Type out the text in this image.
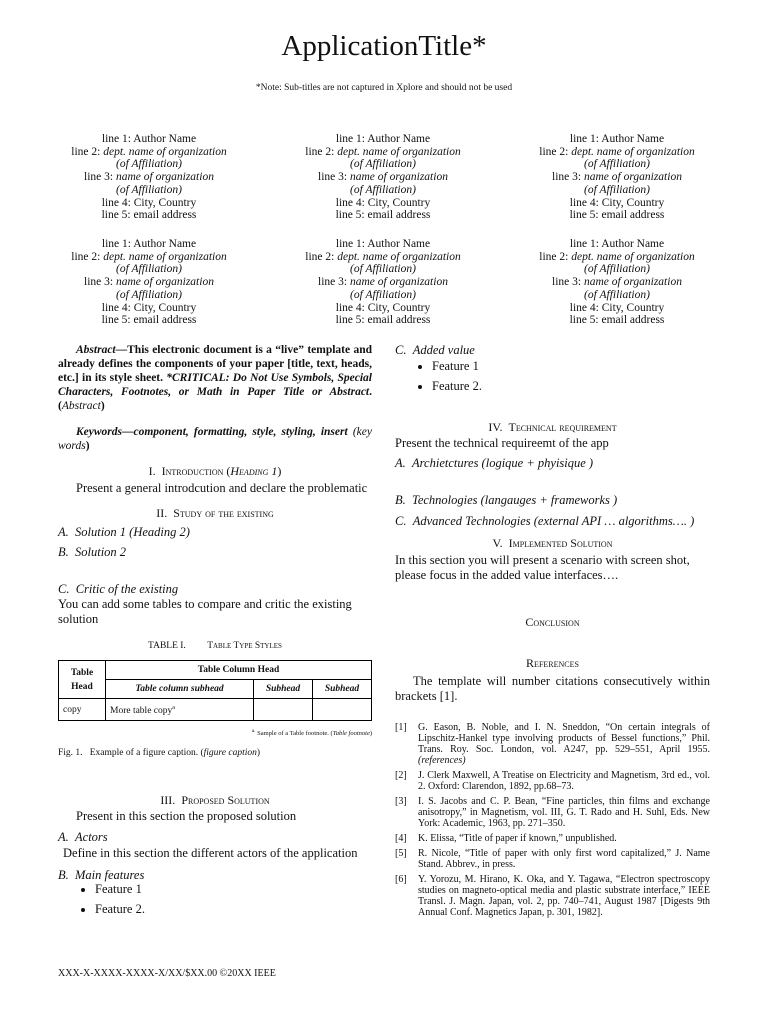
ApplicationTitle*
*Note: Sub-titles are not captured in Xplore and should not be used
line 1: Author Name
line 2: dept. name of organization
(of Affiliation)
line 3: name of organization
(of Affiliation)
line 4: City, Country
line 5: email address
line 1: Author Name
line 2: dept. name of organization
(of Affiliation)
line 3: name of organization
(of Affiliation)
line 4: City, Country
line 5: email address
line 1: Author Name
line 2: dept. name of organization
(of Affiliation)
line 3: name of organization
(of Affiliation)
line 4: City, Country
line 5: email address
line 1: Author Name
line 2: dept. name of organization
(of Affiliation)
line 3: name of organization
(of Affiliation)
line 4: City, Country
line 5: email address
line 1: Author Name
line 2: dept. name of organization
(of Affiliation)
line 3: name of organization
(of Affiliation)
line 4: City, Country
line 5: email address
line 1: Author Name
line 2: dept. name of organization
(of Affiliation)
line 3: name of organization
(of Affiliation)
line 4: City, Country
line 5: email address

Abstract—This electronic document is a “live” template and already defines the components of your paper [title, text, heads, etc.] in its style sheet. *CRITICAL: Do Not Use Symbols, Special Characters, Footnotes, or Math in Paper Title or Abstract. (Abstract)

Keywords—component, formatting, style, styling, insert (key words)

I. Introduction (Heading 1)

Present a general introdcution and declare the problematic

II. Study of the existing

A. Solution 1 (Heading 2)

B. Solution 2

C. Critic of the existing

You can add some tables to compare and critic the existing solution

TABLE I. Table Type Styles

Table Head	Table Column Head		
	Table column subhead	Subhead	Subhead
copy	More table copy$^a$		

$^{a.}$ Sample of a Table footnote. (Table footnote)

Fig. 1. Example of a figure caption. (figure caption)

III. Proposed Solution

Present in this section the proposed solution

A. Actors

Define in this section the different actors of the application

B. Main features

• Feature 1
• Feature 2.

C. Added value

• Feature 1
• Feature 2.

IV. Technical requirement

Present the technical requireemt of the app

A. Archietctures (logique + phyisique )

B. Technologies (langauges + frameworks )

C. Advanced Technologies (external API … algorithms…. )

V. Implemented Solution

In this section you will present a scenario with screen shot, please focus in the added value interfaces….

Conclusion

References

The template will number citations consecutively within brackets [1].

[1] G. Eason, B. Noble, and I. N. Sneddon, “On certain integrals of Lipschitz-Hankel type involving products of Bessel functions,” Phil. Trans. Roy. Soc. London, vol. A247, pp. 529–551, April 1955. (references)
[2] J. Clerk Maxwell, A Treatise on Electricity and Magnetism, 3rd ed., vol. 2. Oxford: Clarendon, 1892, pp.68–73.
[3] I. S. Jacobs and C. P. Bean, “Fine particles, thin films and exchange anisotropy,” in Magnetism, vol. III, G. T. Rado and H. Suhl, Eds. New York: Academic, 1963, pp. 271–350.
[4] K. Elissa, “Title of paper if known,” unpublished.
[5] R. Nicole, “Title of paper with only first word capitalized,” J. Name Stand. Abbrev., in press.
[6] Y. Yorozu, M. Hirano, K. Oka, and Y. Tagawa, “Electron spectroscopy studies on magneto-optical media and plastic substrate interface,” IEEE Transl. J. Magn. Japan, vol. 2, pp. 740–741, August 1987 [Digests 9th Annual Conf. Magnetics Japan, p. 301, 1982].
XXX-X-XXXX-XXXX-X/XX/$XX.00 ©20XX IEEE
